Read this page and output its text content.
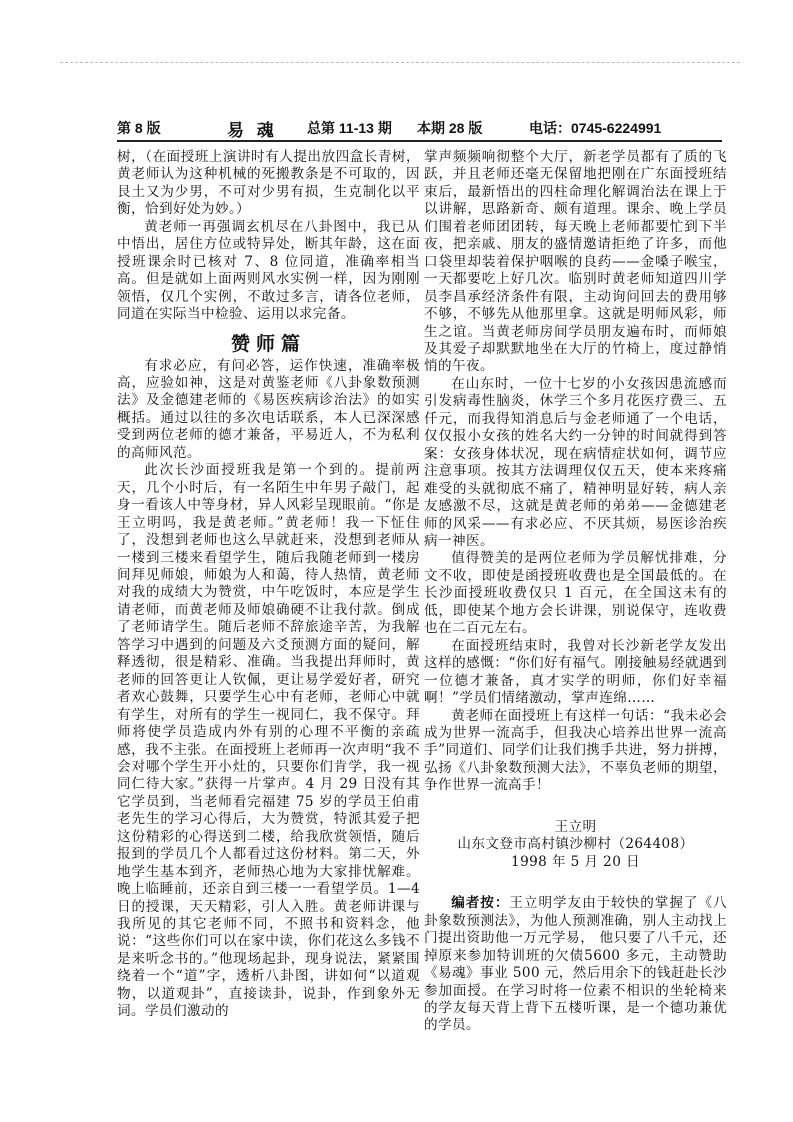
第 8 版	易 魂 总第 11-13 期 本期 28 版	电话：0745-6224991

树，（在面授班上演讲时有人提出放四盒长青树，黄老师认为这种机械的死搬教条是不可取的，因艮土又为少男，不可对少男有损，生克制化以平衡，恰到好处为妙。）

黄老师一再强调玄机尽在八卦图中，我已从中悟出，居住方位或特异处，断其年龄，这在面授班课余时已核对 7、8 位同道，准确率相当高。但是就如上面两则风水实例一样，因为刚刚领悟，仅几个实例，不敢过多言，请各位老师，同道在实际当中检验、运用以求完备。

赞师篇

有求必应，有问必答，运作快速，准确率极高，应验如神，这是对黄鉴老师《八卦象数预测法》及金德建老师的《易医疾病诊治法》的如实概括。通过以往的多次电话联系，本人已深深感受到两位老师的德才兼备，平易近人，不为私利的高师风范。

此次长沙面授班我是第一个到的。提前两天，几个小时后，有一名陌生中年男子敲门，起身一看该人中等身材，异人风彩呈现眼前。“你是王立明吗，我是黄老师。”黄老师！我一下怔住了，没想到老师也这么早就赶来，没想到老师从一楼到三楼来看望学生，随后我随老师到一楼房间拜见师娘，师娘为人和蔼，待人热情，黄老师对我的成绩大为赞赏，中午吃饭时，本应是学生请老师，而黄老师及师娘确硬不让我付款。倒成了老师请学生。随后老师不辞旅途辛苦，为我解答学习中遇到的问题及六爻预测方面的疑问，解释透彻，很是精彩、准确。当我提出拜师时，黄老师的回答更让人钦佩，更让易学爱好者，研究者欢心鼓舞，只要学生心中有老师，老师心中就有学生，对所有的学生一视同仁，我不保守。拜师将使学员造成内外有别的心理不平衡的亲疏感，我不主张。在面授班上老师再一次声明“我不会对哪个学生开小灶的，只要你们肯学，我一视同仁待大家。”获得一片掌声。4 月 29 日没有其它学员到，当老师看完福建 75 岁的学员王伯甫老先生的学习心得后，大为赞赏，特派其爱子把这份精彩的心得送到二楼，给我欣赏领悟，随后报到的学员几个人都看过这份材料。第二天，外地学生基本到齐，老师热心地为大家排忧解难。晚上临睡前，还亲自到三楼一一看望学员。1—4 日的授课，天天精彩，引人入胜。黄老师讲课与我所见的其它老师不同，不照书和资料念，他说：“这些你们可以在家中读，你们花这么多钱不是来听念书的。”他现场起卦，现身说法，紧紧围绕着一个“道”字，透析八卦图，讲如何“以道观物，以道观卦”，直接读卦，说卦，作到象外无词。学员们激动的

掌声频频响彻整个大厅，新老学员都有了质的飞跃，并且老师还毫无保留地把刚在广东面授班结束后，最新悟出的四柱命理化解调治法在课上于以讲解，思路新奇、颇有道理。课余、晚上学员们围着老师团团转，每天晚上老师都要忙到下半夜，把亲戚、朋友的盛情邀请拒绝了许多，而他口袋里却装着保护咽喉的良药——金嗓子喉宝，一天都要吃上好几次。临别时黄老师知道四川学员李昌承经济条件有限，主动询问回去的费用够不够，不够先从他那里拿。这就是明师风彩，师生之谊。当黄老师房间学员朋友遍布时，而师娘及其爱子却默默地坐在大厅的竹椅上，度过静悄悄的午夜。

在山东时，一位十七岁的小女孩因患流感而引发病毒性脑炎，休学三个多月花医疗费三、五仟元，而我得知消息后与金老师通了一个电话，仅仅报小女孩的姓名大约一分钟的时间就得到答案：女孩身体状况，现在病情症状如何，调节应注意事项。按其方法调理仅仅五天，使本来疼痛难受的头就彻底不痛了，精神明显好转，病人亲友感激不尽，这就是黄老师的弟弟——金德建老师的风采——有求必应、不厌其烦，易医诊治疾病一神医。

值得赞美的是两位老师为学员解忧排难，分文不收，即使是函授班收费也是全国最低的。在长沙面授班收费仅只 1 百元，在全国这未有的低，即使某个地方会长讲课，别说保守，连收费也在二百元左右。

在面授班结束时，我曾对长沙新老学友发出这样的感慨：“你们好有福气。刚接触易经就遇到一位德才兼备，真才实学的明师，你们好幸福啊！”学员们情绪激动，掌声连绵……

黄老师在面授班上有这样一句话：“我未必会成为世界一流高手，但我决心培养出世界一流高手”同道们、同学们让我们携手共进，努力拼搏，弘扬《八卦象数预测大法》，不辜负老师的期望，争作世界一流高手！

王立明

山东文登市高村镇沙柳村（264408）

1998 年 5 月 20 日

编者按：王立明学友由于较快的掌握了《八卦象数预测法》，为他人预测准确，别人主动找上门提出资助他一万元学易， 他只要了八千元，还掉原来参加特训班的欠债5600 多元，主动赞助《易魂》事业 500 元，然后用余下的钱赶赴长沙参加面授。在学习时将一位素不相识的坐轮椅来的学友每天背上背下五楼听课，是一个德功兼优的学员。
